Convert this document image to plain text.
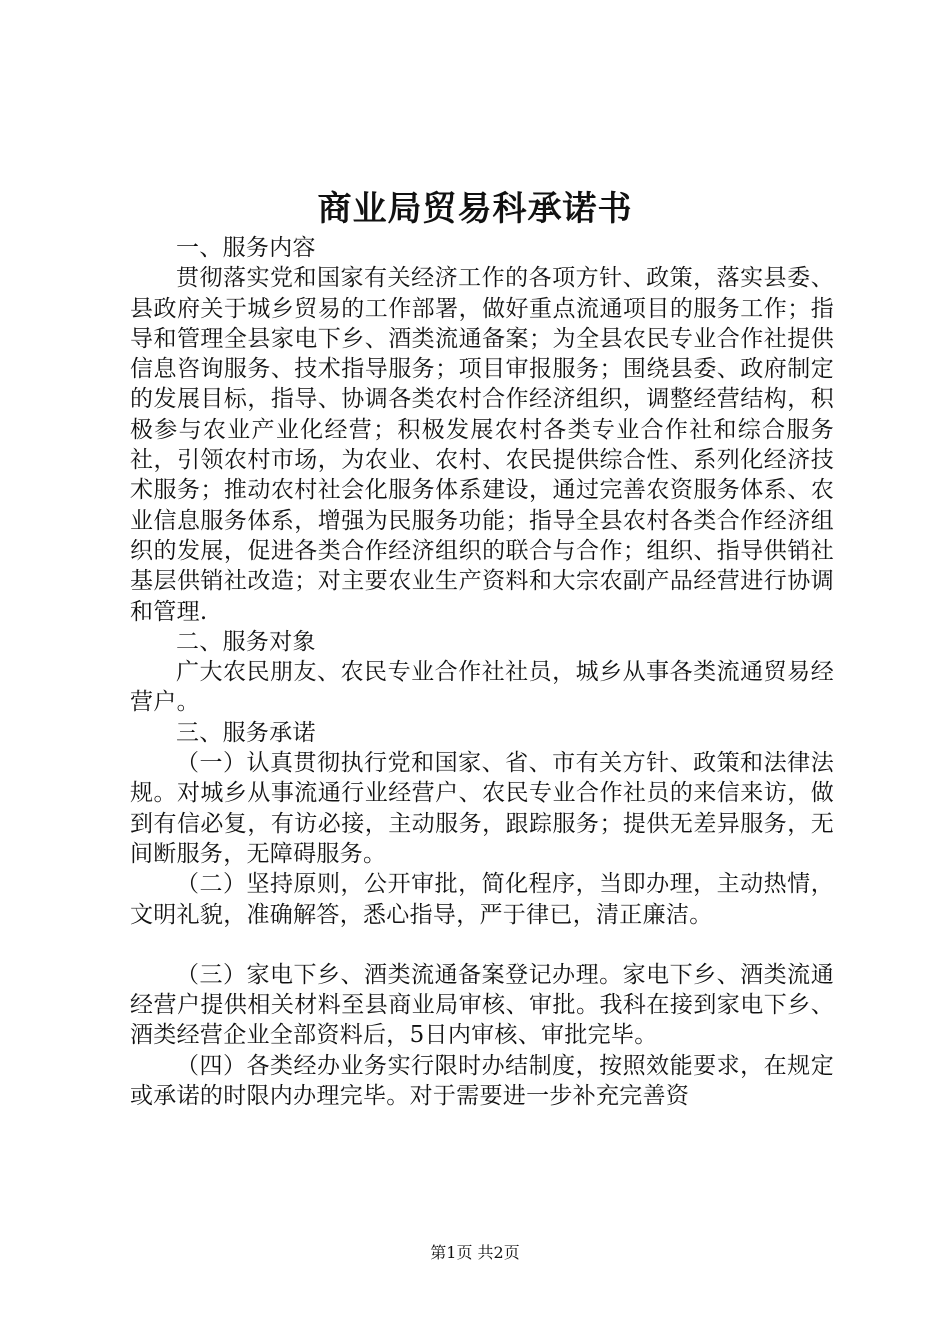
商业局贸易科承诺书

一、服务内容

贯彻落实党和国家有关经济工作的各项方针、政策，落实县委、县政府关于城乡贸易的工作部署，做好重点流通项目的服务工作；指导和管理全县家电下乡、酒类流通备案；为全县农民专业合作社提供信息咨询服务、技术指导服务；项目审报服务；围绕县委、政府制定的发展目标，指导、协调各类农村合作经济组织，调整经营结构，积极参与农业产业化经营；积极发展农村各类专业合作社和综合服务社，引领农村市场，为农业、农村、农民提供综合性、系列化经济技术服务；推动农村社会化服务体系建设，通过完善农资服务体系、农业信息服务体系，增强为民服务功能；指导全县农村各类合作经济组织的发展，促进各类合作经济组织的联合与合作；组织、指导供销社基层供销社改造；对主要农业生产资料和大宗农副产品经营进行协调和管理.

二、服务对象

广大农民朋友、农民专业合作社社员，城乡从事各类流通贸易经营户。

三、服务承诺

（一）认真贯彻执行党和国家、省、市有关方针、政策和法律法规。对城乡从事流通行业经营户、农民专业合作社员的来信来访，做到有信必复，有访必接，主动服务，跟踪服务；提供无差异服务，无间断服务，无障碍服务。

（二）坚持原则，公开审批，简化程序，当即办理，主动热情，文明礼貌，准确解答，悉心指导，严于律已，清正廉洁。

（三）家电下乡、酒类流通备案登记办理。家电下乡、酒类流通经营户提供相关材料至县商业局审核、审批。我科在接到家电下乡、酒类经营企业全部资料后，5日内审核、审批完毕。

（四）各类经办业务实行限时办结制度，按照效能要求，在规定或承诺的时限内办理完毕。对于需要进一步补充完善资

第1页 共2页
